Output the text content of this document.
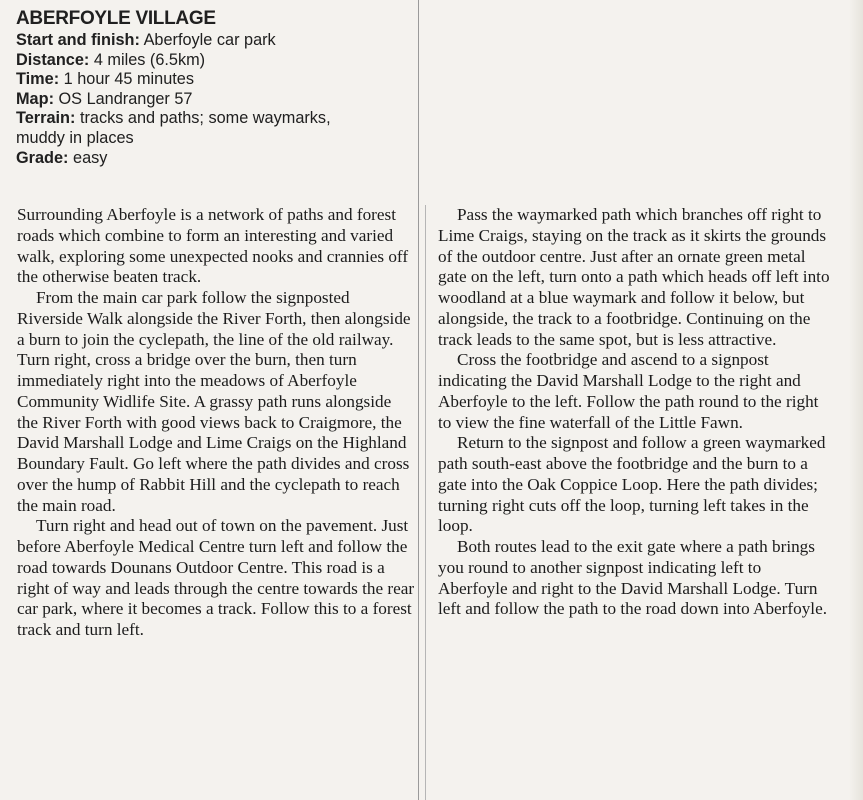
ABERFOYLE VILLAGE
Start and finish: Aberfoyle car park
Distance: 4 miles (6.5km)
Time: 1 hour 45 minutes
Map: OS Landranger 57
Terrain: tracks and paths; some waymarks, muddy in places
Grade: easy

Surrounding Aberfoyle is a network of paths and forest roads which combine to form an interesting and varied walk, exploring some unexpected nooks and crannies off the otherwise beaten track.

From the main car park follow the signposted Riverside Walk alongside the River Forth, then alongside a burn to join the cyclepath, the line of the old railway. Turn right, cross a bridge over the burn, then turn immediately right into the meadows of Aberfoyle Community Widlife Site. A grassy path runs alongside the River Forth with good views back to Craigmore, the David Marshall Lodge and Lime Craigs on the Highland Boundary Fault. Go left where the path divides and cross over the hump of Rabbit Hill and the cyclepath to reach the main road.

Turn right and head out of town on the pavement. Just before Aberfoyle Medical Centre turn left and follow the road towards Dounans Outdoor Centre. This road is a right of way and leads through the centre towards the rear car park, where it becomes a track. Follow this to a forest track and turn left.

Pass the waymarked path which branches off right to Lime Craigs, staying on the track as it skirts the grounds of the outdoor centre. Just after an ornate green metal gate on the left, turn onto a path which heads off left into woodland at a blue waymark and follow it below, but alongside, the track to a footbridge. Continuing on the track leads to the same spot, but is less attractive.

Cross the footbridge and ascend to a signpost indicating the David Marshall Lodge to the right and Aberfoyle to the left. Follow the path round to the right to view the fine waterfall of the Little Fawn.

Return to the signpost and follow a green waymarked path south-east above the footbridge and the burn to a gate into the Oak Coppice Loop. Here the path divides; turning right cuts off the loop, turning left takes in the loop.

Both routes lead to the exit gate where a path brings you round to another signpost indicating left to Aberfoyle and right to the David Marshall Lodge. Turn left and follow the path to the road down into Aberfoyle.
